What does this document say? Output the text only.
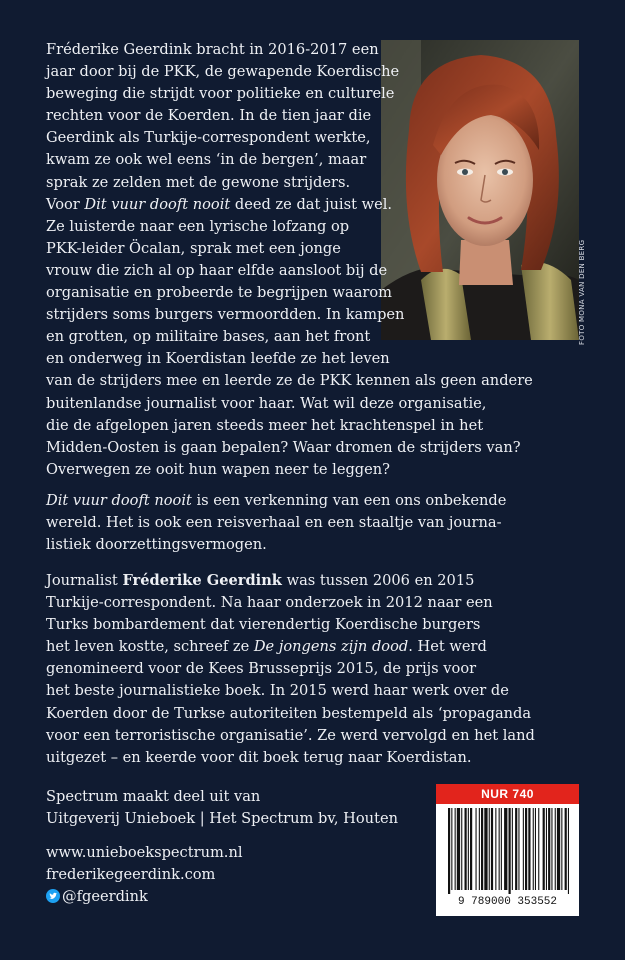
FOTO MONA VAN DEN BERG
Fréderike Geerdink bracht in 2016-2017 een
jaar door bij de PKK, de gewapende Koerdische
beweging die strijdt voor politieke en culturele
rechten voor de Koerden. In de tien jaar die
Geerdink als Turkije-correspondent werkte,
kwam ze ook wel eens ‘in de bergen’, maar
sprak ze zelden met de gewone strijders.
Voor Dit vuur dooft nooit deed ze dat juist wel.
Ze luisterde naar een lyrische lofzang op
PKK-leider Öcalan, sprak met een jonge
vrouw die zich al op haar elfde aansloot bij de
organisatie en probeerde te begrijpen waarom
strijders soms burgers vermoordden. In kampen
en grotten, op militaire bases, aan het front
en onderweg in Koerdistan leefde ze het leven
van de strijders mee en leerde ze de PKK kennen als geen andere
buitenlandse journalist voor haar. Wat wil deze organisatie,
die de afgelopen jaren steeds meer het krachtenspel in het
Midden-Oosten is gaan bepalen? Waar dromen de strijders van?
Overwegen ze ooit hun wapen neer te leggen?
Dit vuur dooft nooit is een verkenning van een ons onbekende
wereld. Het is ook een reisverhaal en een staaltje van journa-
listiek doorzettingsvermogen.
Journalist Fréderike Geerdink was tussen 2006 en 2015
Turkije-correspondent. Na haar onderzoek in 2012 naar een
Turks bombardement dat vierendertig Koerdische burgers
het leven kostte, schreef ze De jongens zijn dood. Het werd
genomineerd voor de Kees Brusseprijs 2015, de prijs voor
het beste journalistieke boek. In 2015 werd haar werk over de
Koerden door de Turkse autoriteiten bestempeld als ‘propaganda
voor een terroristische organisatie’. Ze werd vervolgd en het land
uitgezet – en keerde voor dit boek terug naar Koerdistan.
Spectrum maakt deel uit van
Uitgeverij Unieboek | Het Spectrum bv, Houten
www.unieboekspectrum.nl
frederikegeerdink.com
@fgeerdink
NUR 740
9 789000 353552
